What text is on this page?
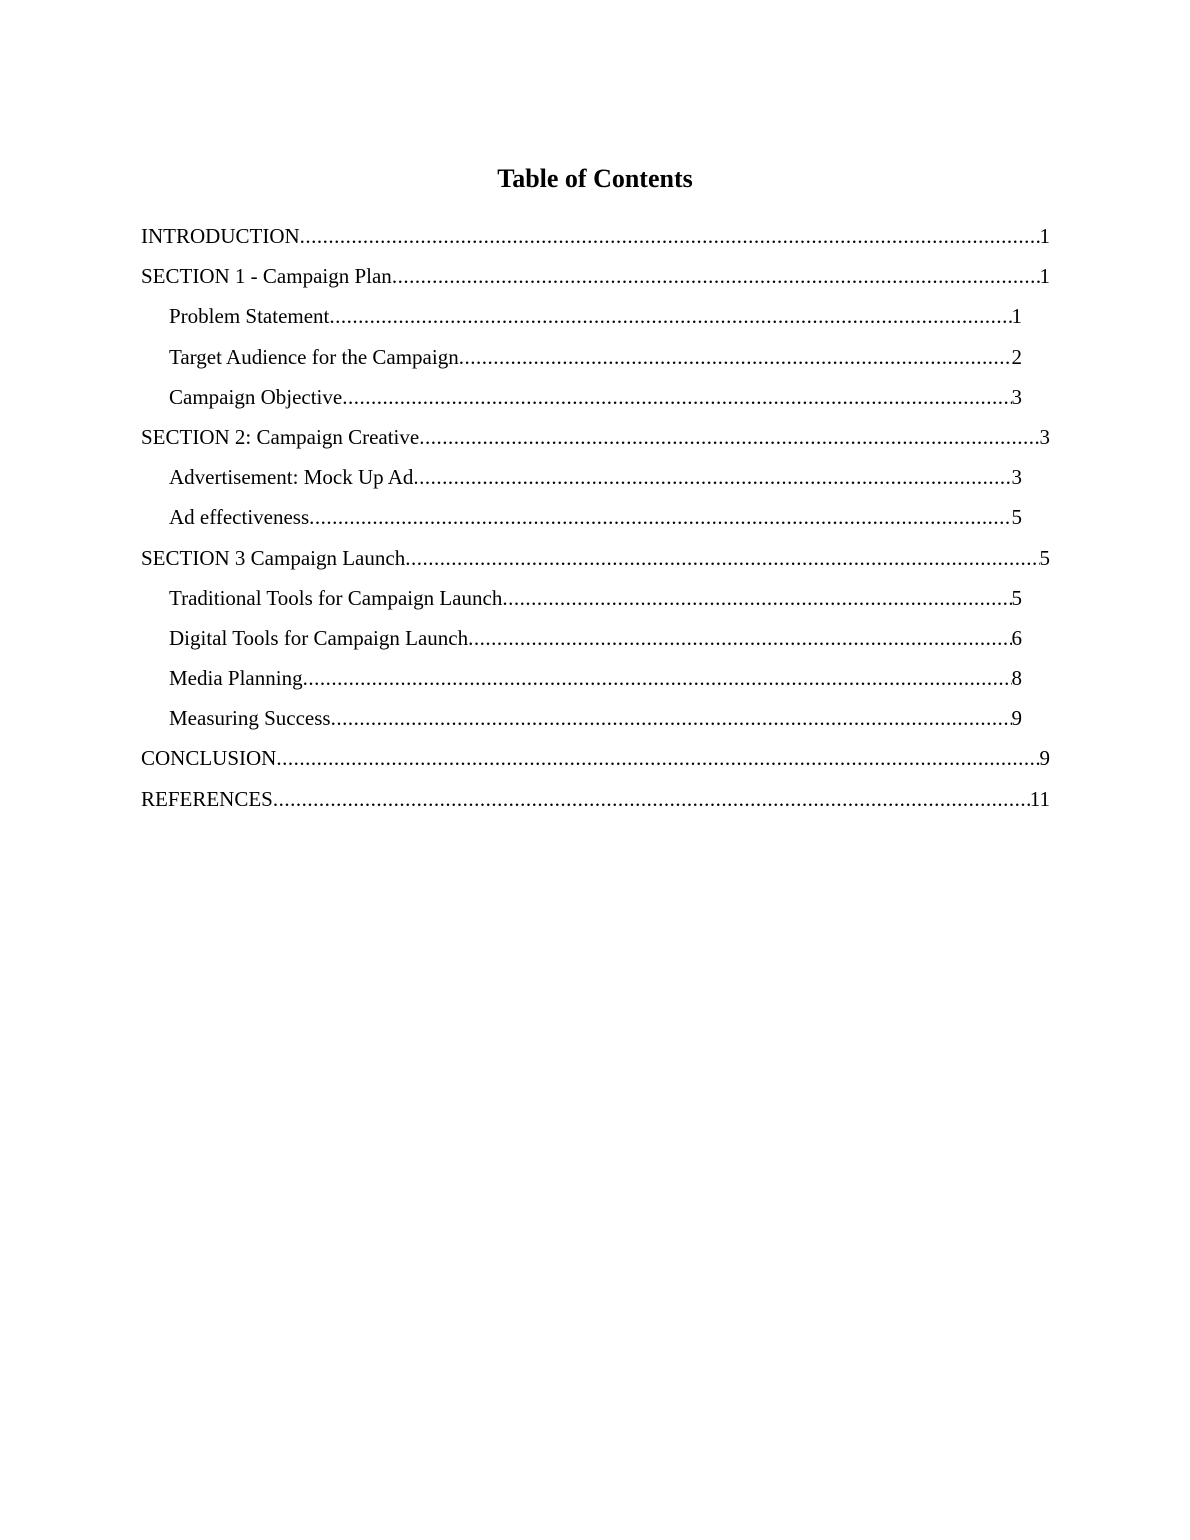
Table of Contents
INTRODUCTION .....	1
SECTION 1 - Campaign Plan .....	1
Problem Statement .....	1
Target Audience for the Campaign .....	2
Campaign Objective .....	3
SECTION 2: Campaign Creative .....	3
Advertisement: Mock Up Ad .....	3
Ad effectiveness .....	5
SECTION 3 Campaign Launch .....	5
Traditional Tools for Campaign Launch .....	5
Digital Tools for Campaign Launch .....	6
Media Planning .....	8
Measuring Success .....	9
CONCLUSION .....	9
REFERENCES .....	11
